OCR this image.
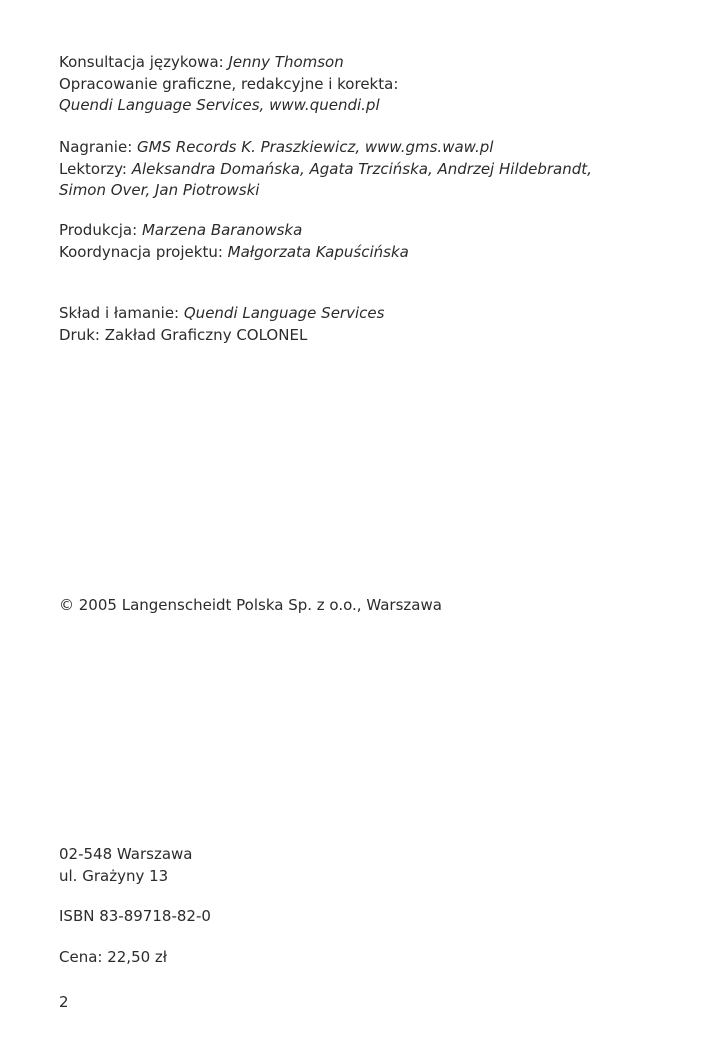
Konsultacja językowa: Jenny Thomson
Opracowanie graficzne, redakcyjne i korekta:
Quendi Language Services, www.quendi.pl
Nagranie: GMS Records K. Praszkiewicz, www.gms.waw.pl
Lektorzy: Aleksandra Domańska, Agata Trzcińska, Andrzej Hildebrandt,
Simon Over, Jan Piotrowski
Produkcja: Marzena Baranowska
Koordynacja projektu: Małgorzata Kapuścińska
Skład i łamanie: Quendi Language Services
Druk: Zakład Graficzny COLONEL
© 2005 Langenscheidt Polska Sp. z o.o., Warszawa
02-548 Warszawa
ul. Grażyny 13
ISBN 83-89718-82-0
Cena: 22,50 zł
2
